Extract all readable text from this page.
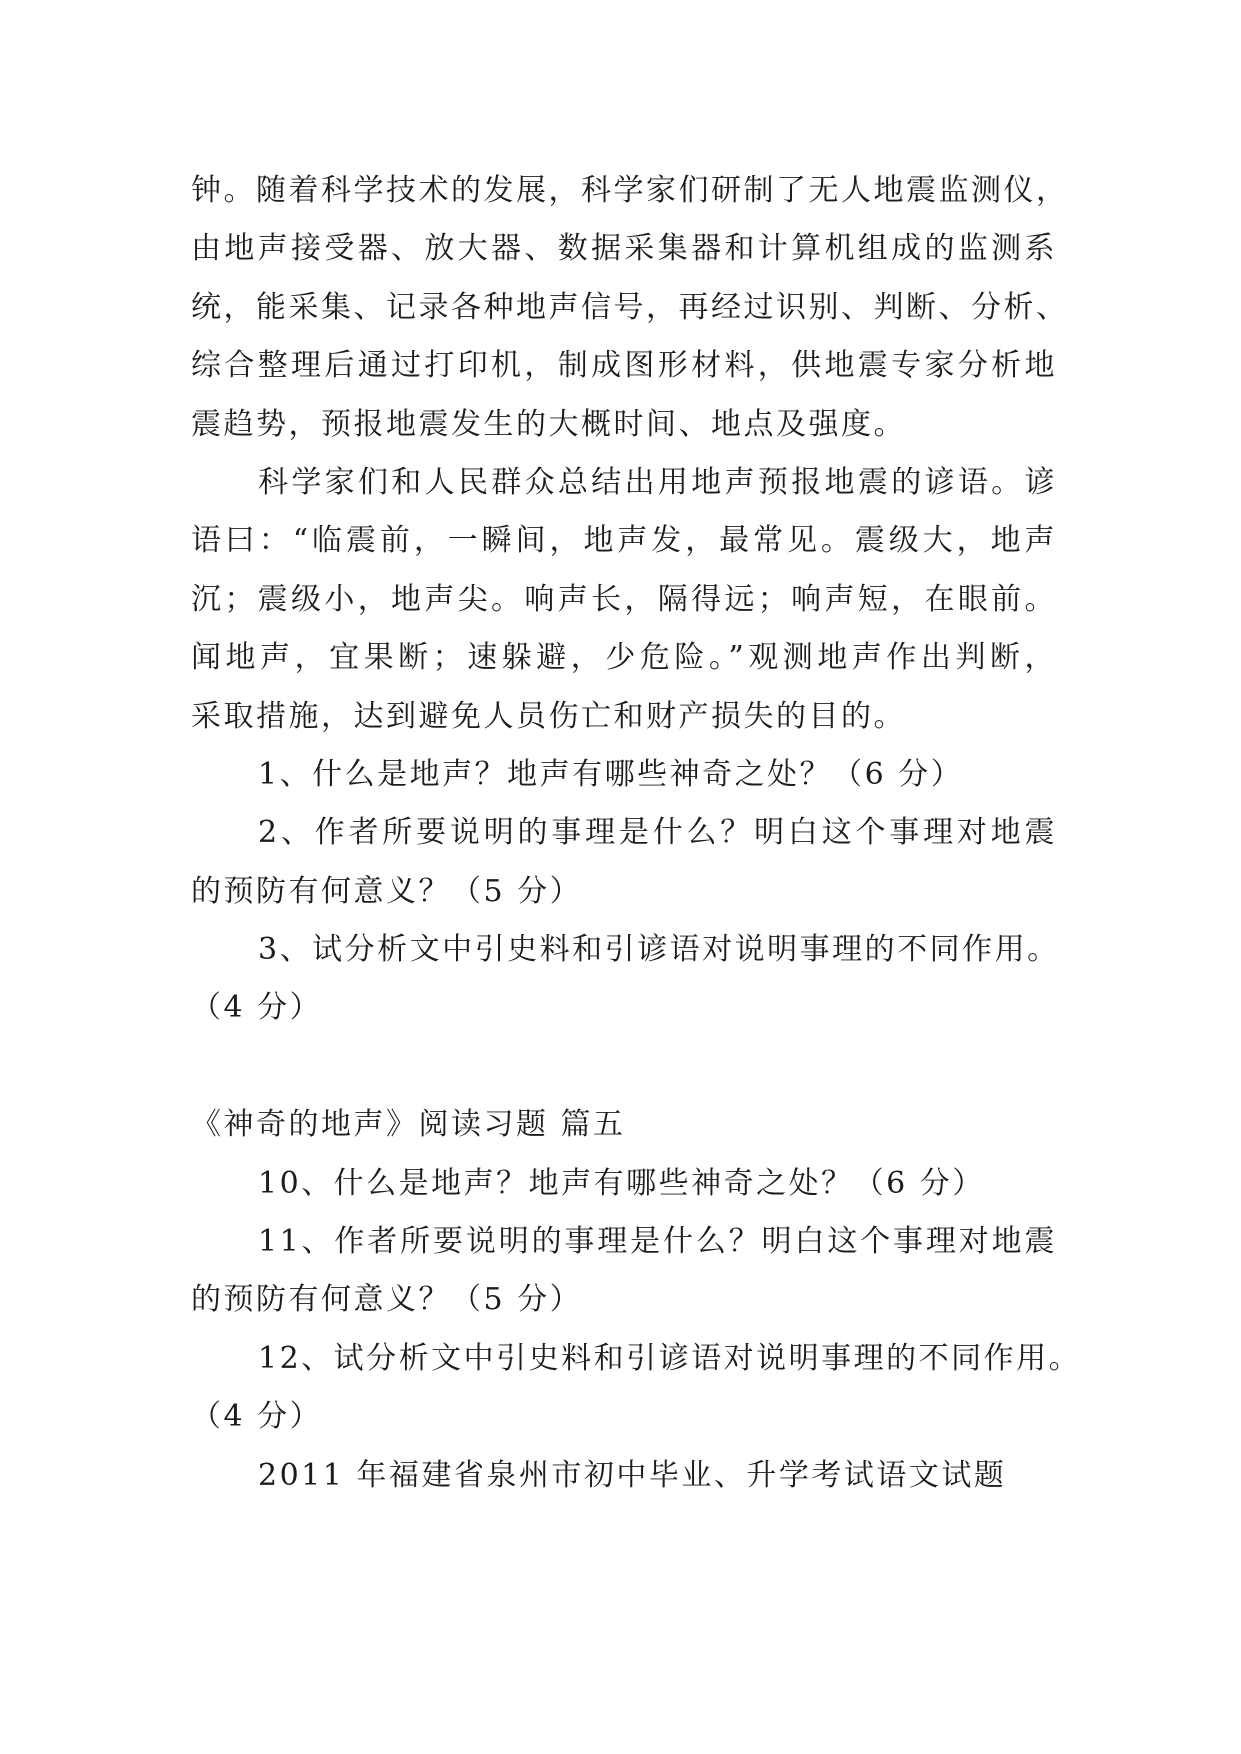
钟。随着科学技术的发展，科学家们研制了无人地震监测仪，
由地声接受器、放大器、数据采集器和计算机组成的监测系
统，能采集、记录各种地声信号，再经过识别、判断、分析、
综合整理后通过打印机，制成图形材料，供地震专家分析地
震趋势，预报地震发生的大概时间、地点及强度。
科学家们和人民群众总结出用地声预报地震的谚语。谚
语曰：“临震前，一瞬间，地声发，最常见。震级大，地声
沉；震级小，地声尖。响声长，隔得远；响声短，在眼前。
闻地声，宜果断；速躲避，少危险。”观测地声作出判断，
采取措施，达到避免人员伤亡和财产损失的目的。
1、什么是地声？地声有哪些神奇之处？（6 分）
2、作者所要说明的事理是什么？明白这个事理对地震
的预防有何意义？（5 分）
3、试分析文中引史料和引谚语对说明事理的不同作用。
（4 分）
《神奇的地声》阅读习题 篇五
10、什么是地声？地声有哪些神奇之处？（6 分）
11、作者所要说明的事理是什么？明白这个事理对地震
的预防有何意义？（5 分）
12、试分析文中引史料和引谚语对说明事理的不同作用。
（4 分）
2011 年福建省泉州市初中毕业、升学考试语文试题
